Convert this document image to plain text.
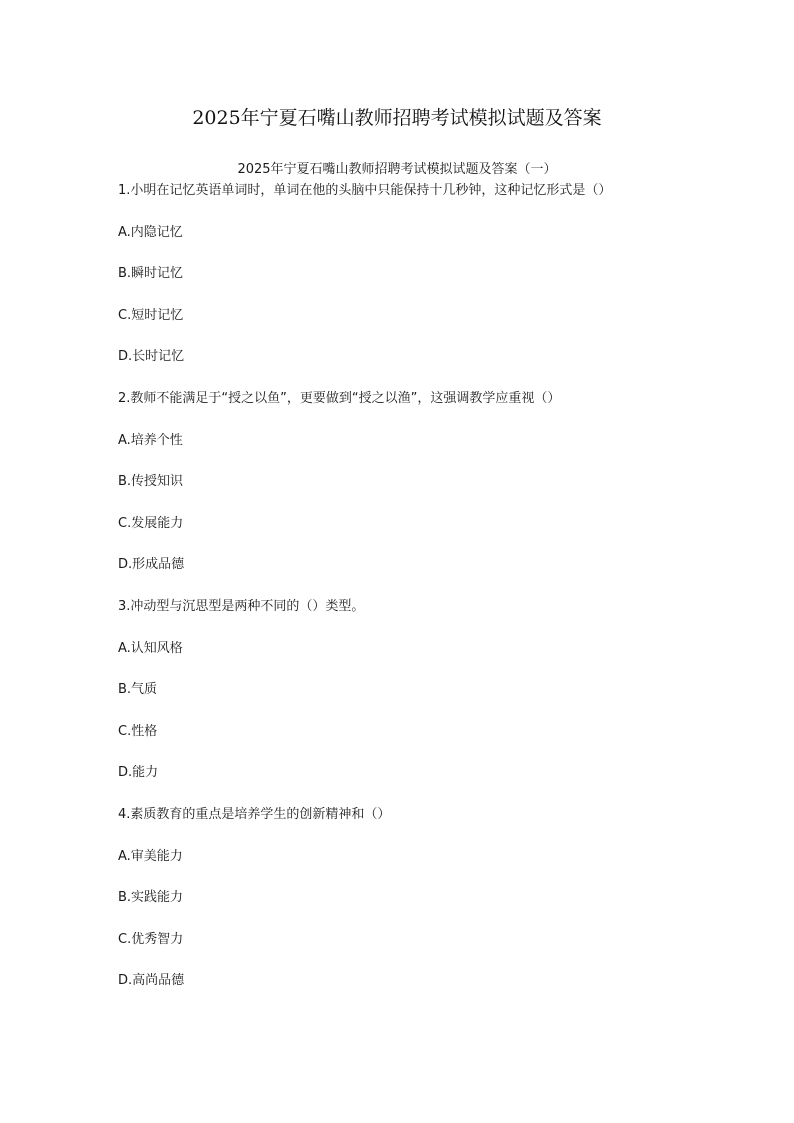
2025年宁夏石嘴山教师招聘考试模拟试题及答案
2025年宁夏石嘴山教师招聘考试模拟试题及答案（一）
1.小明在记忆英语单词时，单词在他的头脑中只能保持十几秒钟，这种记忆形式是（）
A.内隐记忆
B.瞬时记忆
C.短时记忆
D.长时记忆
2.教师不能满足于“授之以鱼”，更要做到“授之以渔”，这强调教学应重视（）
A.培养个性
B.传授知识
C.发展能力
D.形成品德
3.冲动型与沉思型是两种不同的（）类型。
A.认知风格
B.气质
C.性格
D.能力
4.素质教育的重点是培养学生的创新精神和（）
A.审美能力
B.实践能力
C.优秀智力
D.高尚品德
